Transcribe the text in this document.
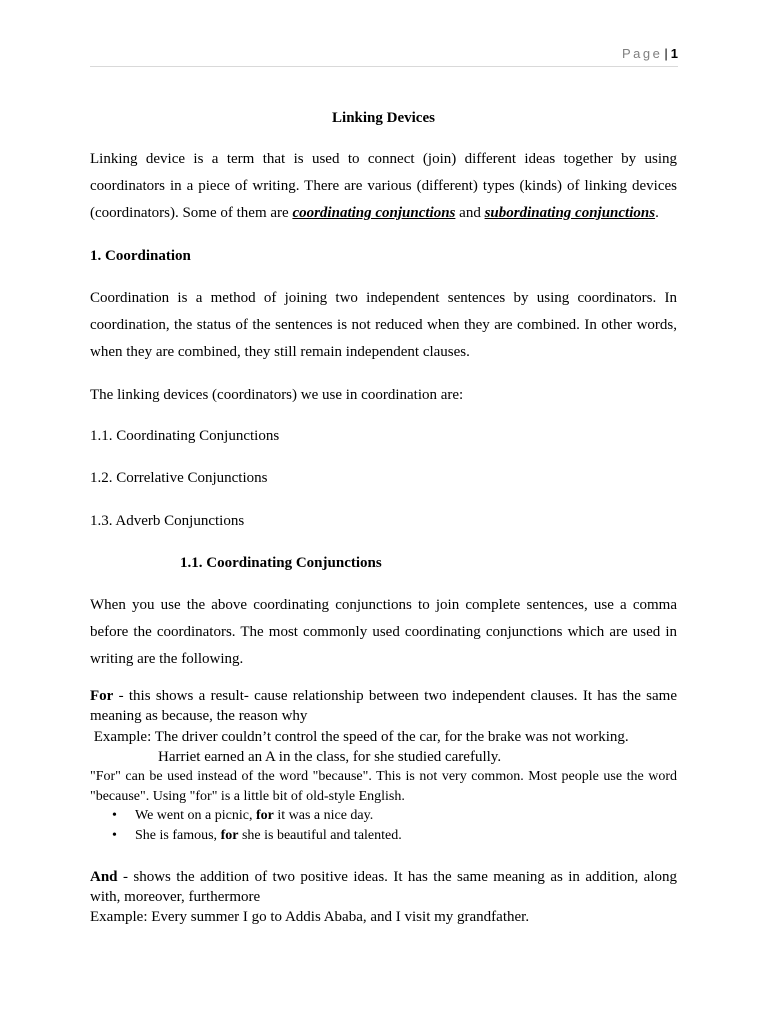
Page | 1
Linking Devices
Linking device is a term that is used to connect (join) different ideas together by using coordinators in a piece of writing. There are various (different) types (kinds) of linking devices (coordinators). Some of them are coordinating conjunctions and subordinating conjunctions.
1. Coordination
Coordination is a method of joining two independent sentences by using coordinators. In coordination, the status of the sentences is not reduced when they are combined. In other words, when they are combined, they still remain independent clauses.
The linking devices (coordinators) we use in coordination are:
1.1. Coordinating Conjunctions
1.2. Correlative Conjunctions
1.3. Adverb Conjunctions
1.1. Coordinating Conjunctions
When you use the above coordinating conjunctions to join complete sentences, use a comma before the coordinators. The most commonly used coordinating conjunctions which are used in writing are the following.
For - this shows a result- cause relationship between two independent clauses. It has the same meaning as because, the reason why
Example: The driver couldn’t control the speed of the car, for the brake was not working.
Harriet earned an A in the class, for she studied carefully.
"For" can be used instead of the word "because". This is not very common. Most people use the word "because". Using "for" is a little bit of old-style English.
• We went on a picnic, for it was a nice day.
• She is famous, for she is beautiful and talented.
And - shows the addition of two positive ideas. It has the same meaning as in addition, along with, moreover, furthermore
Example: Every summer I go to Addis Ababa, and I visit my grandfather.
